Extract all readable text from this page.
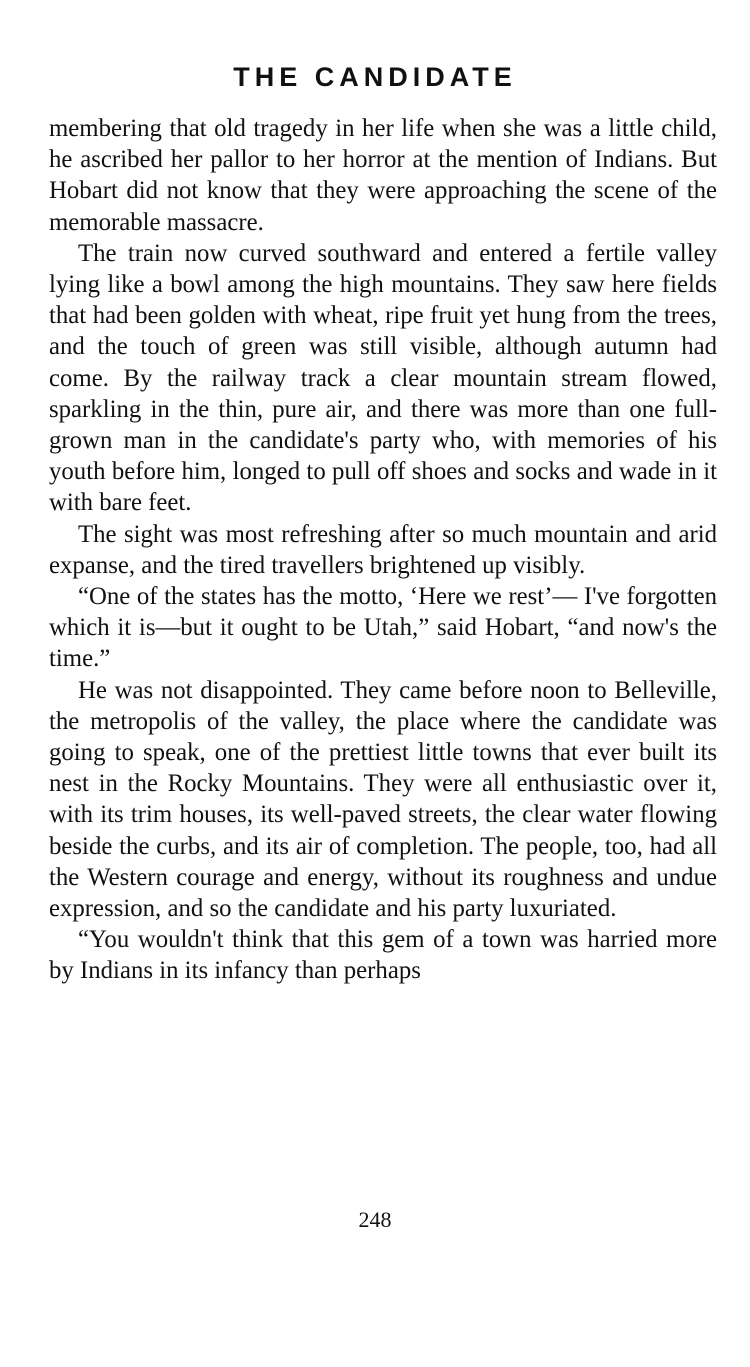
THE CANDIDATE

membering that old tragedy in her life when she was a little child, he ascribed her pallor to her horror at the mention of Indians. But Hobart did not know that they were approaching the scene of the memorable massacre.

The train now curved southward and entered a fertile valley lying like a bowl among the high mountains. They saw here fields that had been golden with wheat, ripe fruit yet hung from the trees, and the touch of green was still visible, although autumn had come. By the railway track a clear mountain stream flowed, sparkling in the thin, pure air, and there was more than one full-grown man in the candidate's party who, with memories of his youth before him, longed to pull off shoes and socks and wade in it with bare feet.

The sight was most refreshing after so much mountain and arid expanse, and the tired travellers brightened up visibly.

“One of the states has the motto, ‘Here we rest’— I've forgotten which it is—but it ought to be Utah,” said Hobart, “and now's the time.”

He was not disappointed. They came before noon to Belleville, the metropolis of the valley, the place where the candidate was going to speak, one of the prettiest little towns that ever built its nest in the Rocky Mountains. They were all enthusiastic over it, with its trim houses, its well-paved streets, the clear water flowing beside the curbs, and its air of completion. The people, too, had all the Western courage and energy, without its roughness and undue expression, and so the candidate and his party luxuriated.

“You wouldn't think that this gem of a town was harried more by Indians in its infancy than perhaps

248
